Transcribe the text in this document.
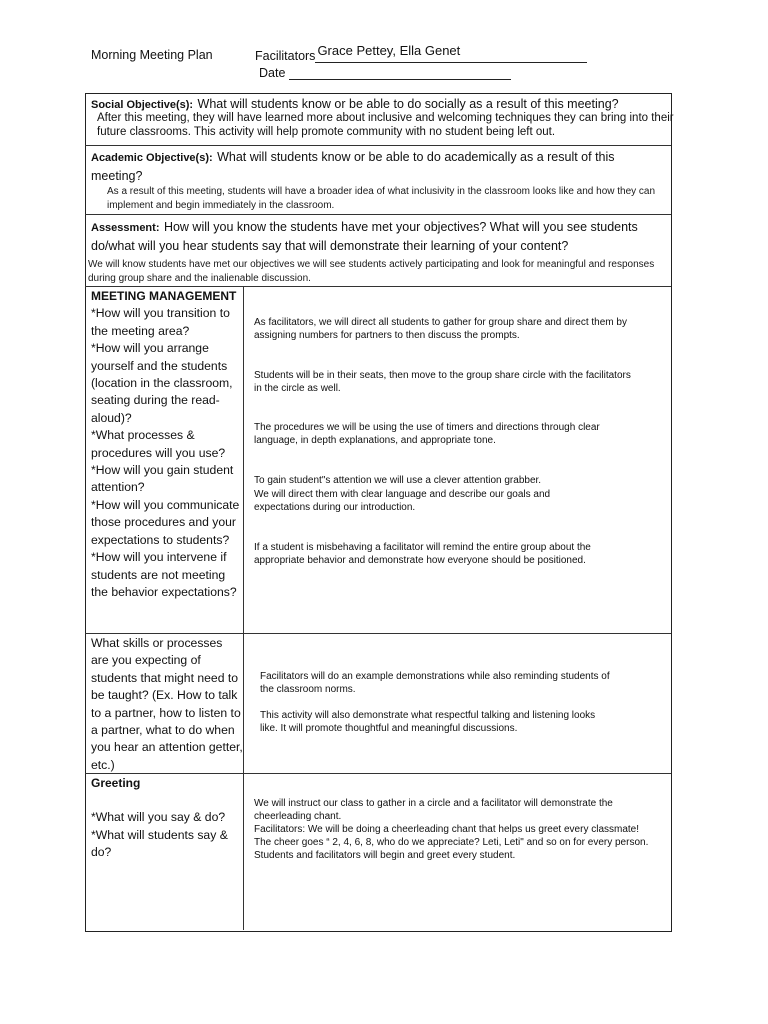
Morning Meeting Plan	Facilitators Grace Pettey, Ella Genet
Date
Social Objective(s): What will students know or be able to do socially as a result of this meeting?
After this meeting, they will have learned more about inclusive and welcoming techniques they can bring into their future classrooms. This activity will help promote community with no student being left out.
Academic Objective(s): What will students know or be able to do academically as a result of this meeting?
As a result of this meeting, students will have a broader idea of what inclusivity in the classroom looks like and how they can implement and begin immediately in the classroom.
Assessment: How will you know the students have met your objectives? What will you see students do/what will you hear students say that will demonstrate their learning of your content?
We will know students have met our objectives we will see students actively participating and look for meaningful and responses during group share and the inalienable discussion.
MEETING MANAGEMENT
*How will you transition to the meeting area?
*How will you arrange yourself and the students (location in the classroom, seating during the read-aloud)?
*What processes & procedures will you use?
*How will you gain student attention?
*How will you communicate those procedures and your expectations to students?
*How will you intervene if students are not meeting the behavior expectations?
As facilitators, we will direct all students to gather for group share and direct them by assigning numbers for partners to then discuss the prompts.
Students will be in their seats, then move to the group share circle with the facilitators in the circle as well.
The procedures we will be using the use of timers and directions through clear language, in depth explanations, and appropriate tone.
To gain student"s attention we will use a clever attention grabber.
We will direct them with clear language and describe our goals and expectations during our introduction.
If a student is misbehaving a facilitator will remind the entire group about the appropriate behavior and demonstrate how everyone should be positioned.
What skills or processes are you expecting of students that might need to be taught? (Ex. How to talk to a partner, how to listen to a partner, what to do when you hear an attention getter, etc.)
Facilitators will do an example demonstrations while also reminding students of the classroom norms.
This activity will also demonstrate what respectful talking and listening looks like. It will promote thoughtful and meaningful discussions.
Greeting
*What will you say & do?
*What will students say & do?

We will instruct our class to gather in a circle and a facilitator will demonstrate the cheerleading chant.

Facilitators: We will be doing a cheerleading chant that helps us greet every classmate!

The cheer goes “ 2, 4, 6, 8, who do we appreciate? Leti, Leti" and so on for every person.

Students and facilitators will begin and greet every student.
